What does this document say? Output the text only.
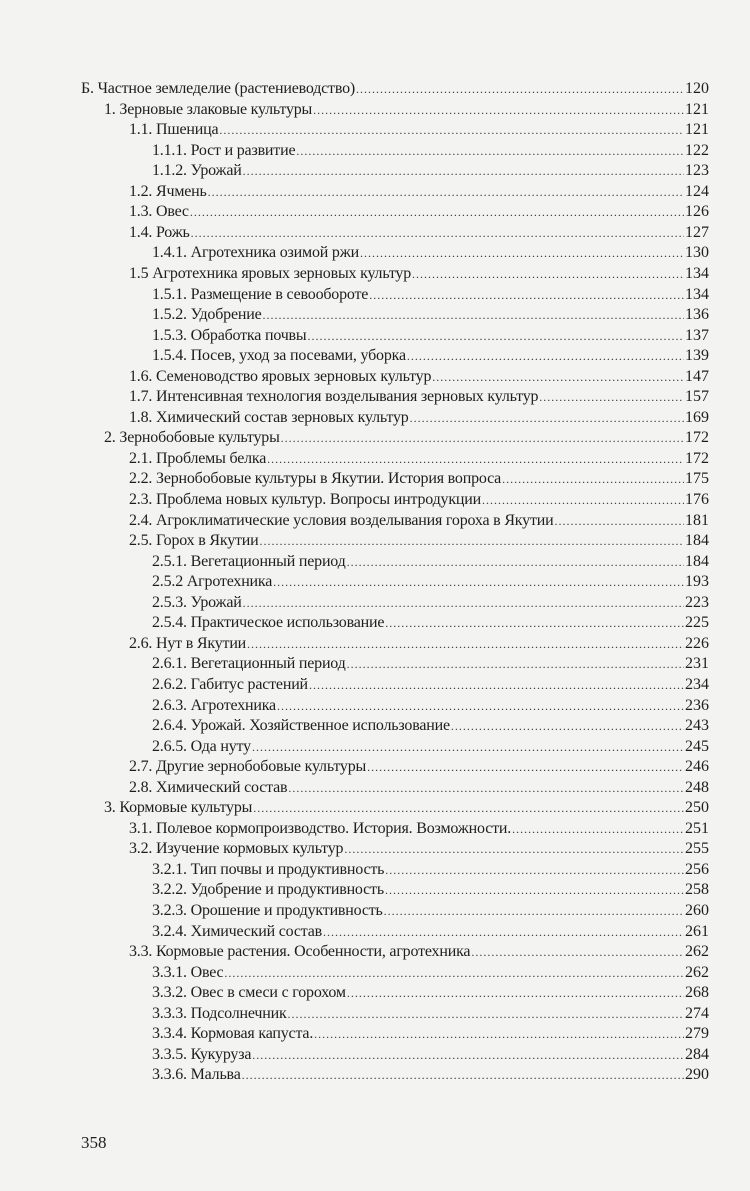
Б. Частное земледелие (растениеводство) .....	120
1. Зерновые злаковые культуры .....	121
1.1. Пшеница .....	121
1.1.1. Рост и развитие .....	122
1.1.2. Урожай .....	123
1.2. Ячмень .....	124
1.3. Овес .....	126
1.4. Рожь .....	127
1.4.1. Агротехника озимой ржи .....	130
1.5 Агротехника яровых зерновых культур .....	134
1.5.1. Размещение в севообороте .....	134
1.5.2. Удобрение .....	136
1.5.3. Обработка почвы .....	137
1.5.4. Посев, уход за посевами, уборка .....	139
1.6. Семеноводство яровых зерновых культур .....	147
1.7. Интенсивная технология возделывания зерновых культур .....	157
1.8. Химический состав зерновых культур .....	169
2. Зернобобовые культуры .....	172
2.1. Проблемы белка .....	172
2.2. Зернобобовые культуры в Якутии. История вопроса .....	175
2.3. Проблема новых культур. Вопросы интродукции .....	176
2.4. Агроклиматические условия возделывания гороха в Якутии .....	181
2.5. Горох в Якутии .....	184
2.5.1. Вегетационный период .....	184
2.5.2 Агротехника .....	193
2.5.3. Урожай .....	223
2.5.4. Практическое использование .....	225
2.6. Нут в Якутии .....	226
2.6.1. Вегетационный период .....	231
2.6.2. Габитус растений .....	234
2.6.3. Агротехника .....	236
2.6.4. Урожай. Хозяйственное использование .....	243
2.6.5. Ода нуту .....	245
2.7. Другие зернобобовые культуры .....	246
2.8. Химический состав .....	248
3. Кормовые культуры .....	250
3.1. Полевое кормопроизводство. История. Возможности. .....	251
3.2. Изучение кормовых культур .....	255
3.2.1. Тип почвы и продуктивность .....	256
3.2.2. Удобрение и продуктивность .....	258
3.2.3. Орошение и продуктивность .....	260
3.2.4. Химический состав .....	261
3.3. Кормовые растения. Особенности, агротехника .....	262
3.3.1. Овес .....	262
3.3.2. Овес в смеси с горохом .....	268
3.3.3. Подсолнечник .....	274
3.3.4. Кормовая капуста. .....	279
3.3.5. Кукуруза .....	284
3.3.6. Мальва .....	290
358
